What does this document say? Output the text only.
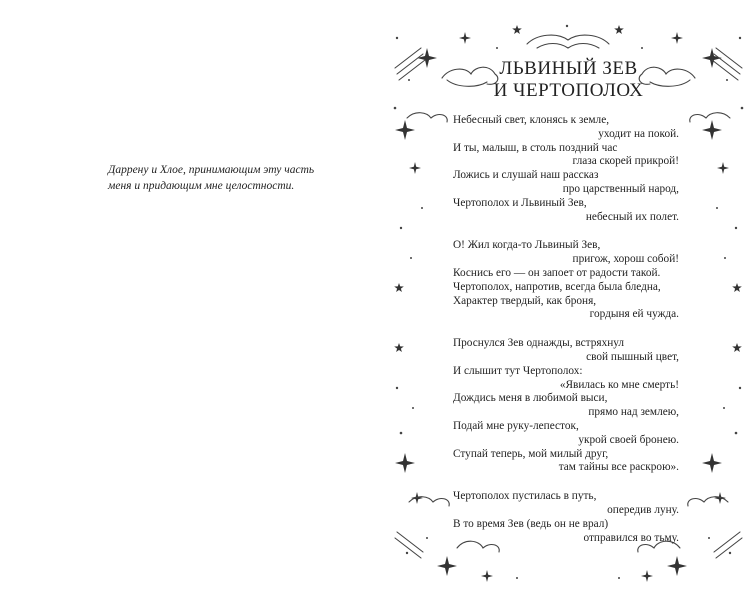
Даррену и Хлое, принимающим эту часть
меня и придающим мне целостности.
ЛЬВИНЫЙ ЗЕВ
И ЧЕРТОПОЛОХ
Небесный свет, клонясь к земле,
уходит на покой.
И ты, малыш, в столь поздний час
глаза скорей прикрой!
Ложись и слушай наш рассказ
про царственный народ,
Чертополох и Львиный Зев,
небесный их полет.
О! Жил когда-то Львиный Зев,
пригож, хорош собой!
Коснись его — он запоет от радости такой.
Чертополох, напротив, всегда была бледна,
Характер твердый, как броня,
гордыня ей чужда.
Проснулся Зев однажды, встряхнул
свой пышный цвет,
И слышит тут Чертополох:
«Явилась ко мне смерть!
Дождись меня в любимой выси,
прямо над землею,
Подай мне руку-лепесток,
укрой своей бронею.
Ступай теперь, мой милый друг,
там тайны все раскрою».
Чертополох пустилась в путь,
опередив луну.
В то время Зев (ведь он не врал)
отправился во тьму.
